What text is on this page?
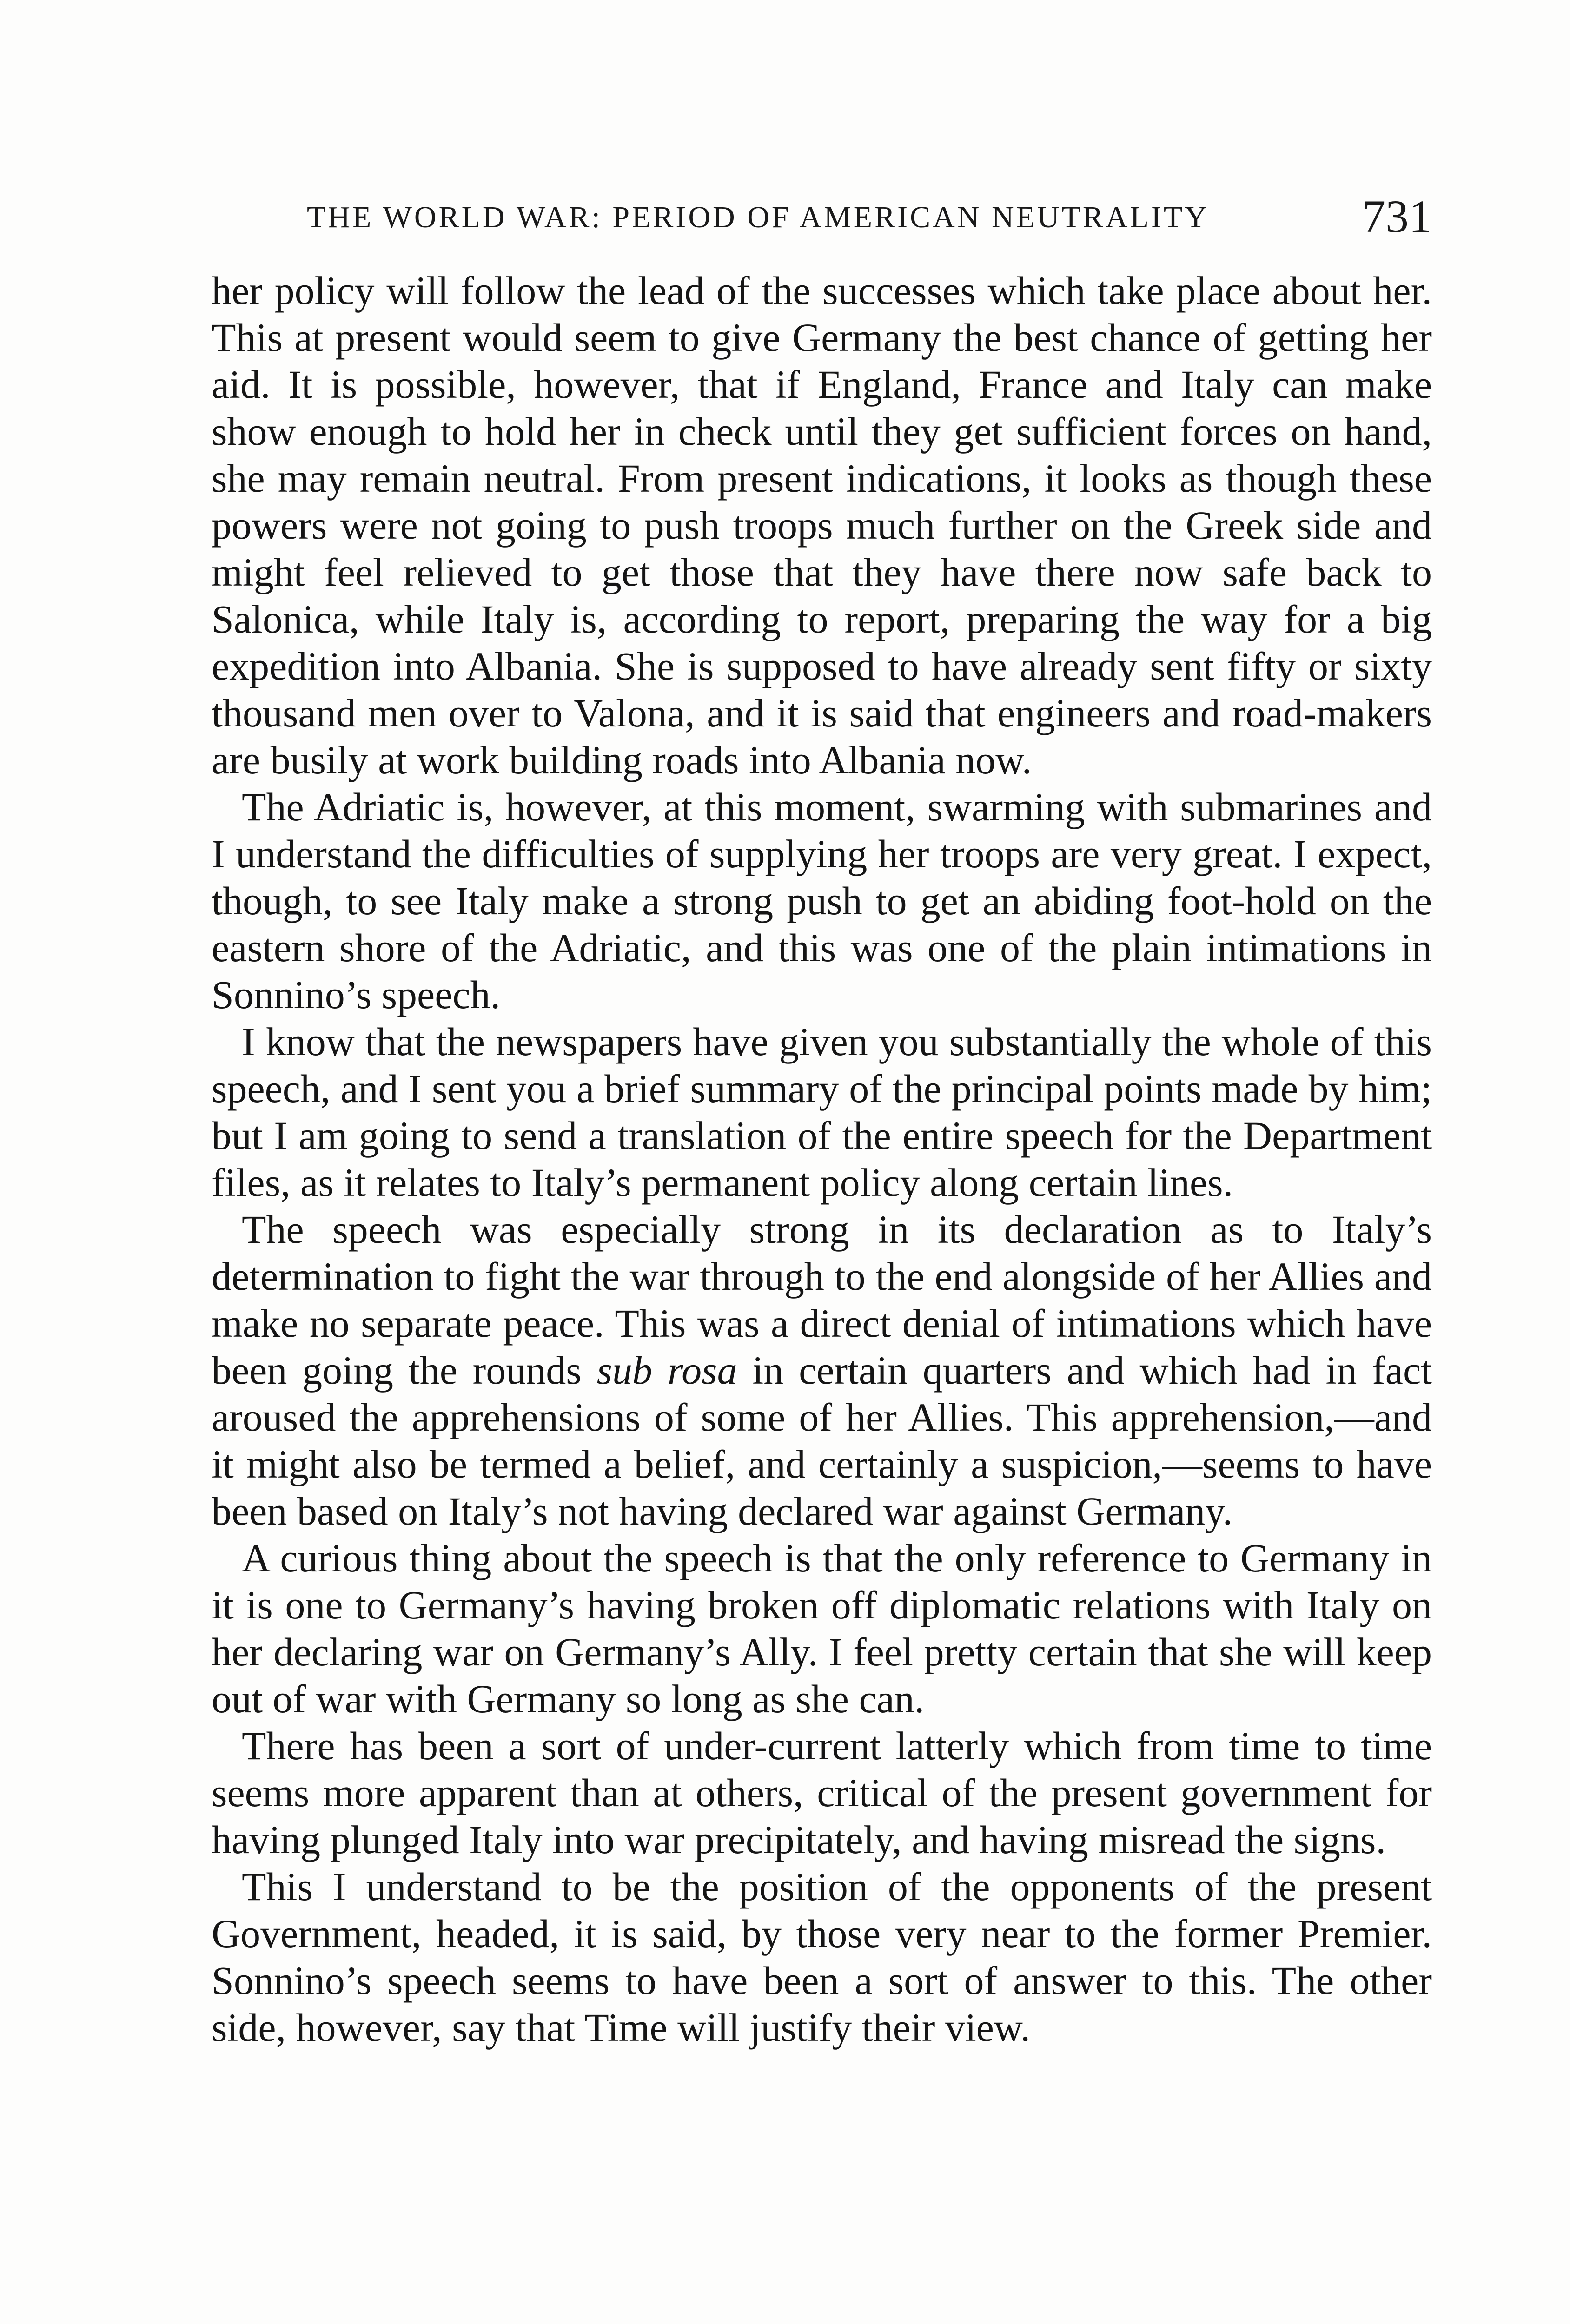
THE WORLD WAR: PERIOD OF AMERICAN NEUTRALITY	731

her policy will follow the lead of the successes which take place about her. This at present would seem to give Germany the best chance of getting her aid. It is possible, however, that if England, France and Italy can make show enough to hold her in check until they get sufficient forces on hand, she may remain neutral. From present indications, it looks as though these powers were not going to push troops much further on the Greek side and might feel relieved to get those that they have there now safe back to Salonica, while Italy is, according to report, preparing the way for a big expedition into Albania. She is supposed to have already sent fifty or sixty thousand men over to Valona, and it is said that engineers and road-makers are busily at work building roads into Albania now.

The Adriatic is, however, at this moment, swarming with submarines and I understand the difficulties of supplying her troops are very great. I expect, though, to see Italy make a strong push to get an abiding foot-hold on the eastern shore of the Adriatic, and this was one of the plain intimations in Sonnino’s speech.

I know that the newspapers have given you substantially the whole of this speech, and I sent you a brief summary of the principal points made by him; but I am going to send a translation of the entire speech for the Department files, as it relates to Italy’s permanent policy along certain lines.

The speech was especially strong in its declaration as to Italy’s determination to fight the war through to the end alongside of her Allies and make no separate peace. This was a direct denial of intimations which have been going the rounds sub rosa in certain quarters and which had in fact aroused the apprehensions of some of her Allies. This apprehension,—and it might also be termed a belief, and certainly a suspicion,—seems to have been based on Italy’s not having declared war against Germany.

A curious thing about the speech is that the only reference to Germany in it is one to Germany’s having broken off diplomatic relations with Italy on her declaring war on Germany’s Ally. I feel pretty certain that she will keep out of war with Germany so long as she can.

There has been a sort of under-current latterly which from time to time seems more apparent than at others, critical of the present government for having plunged Italy into war precipitately, and having misread the signs.

This I understand to be the position of the opponents of the present Government, headed, it is said, by those very near to the former Premier. Sonnino’s speech seems to have been a sort of answer to this. The other side, however, say that Time will justify their view.
